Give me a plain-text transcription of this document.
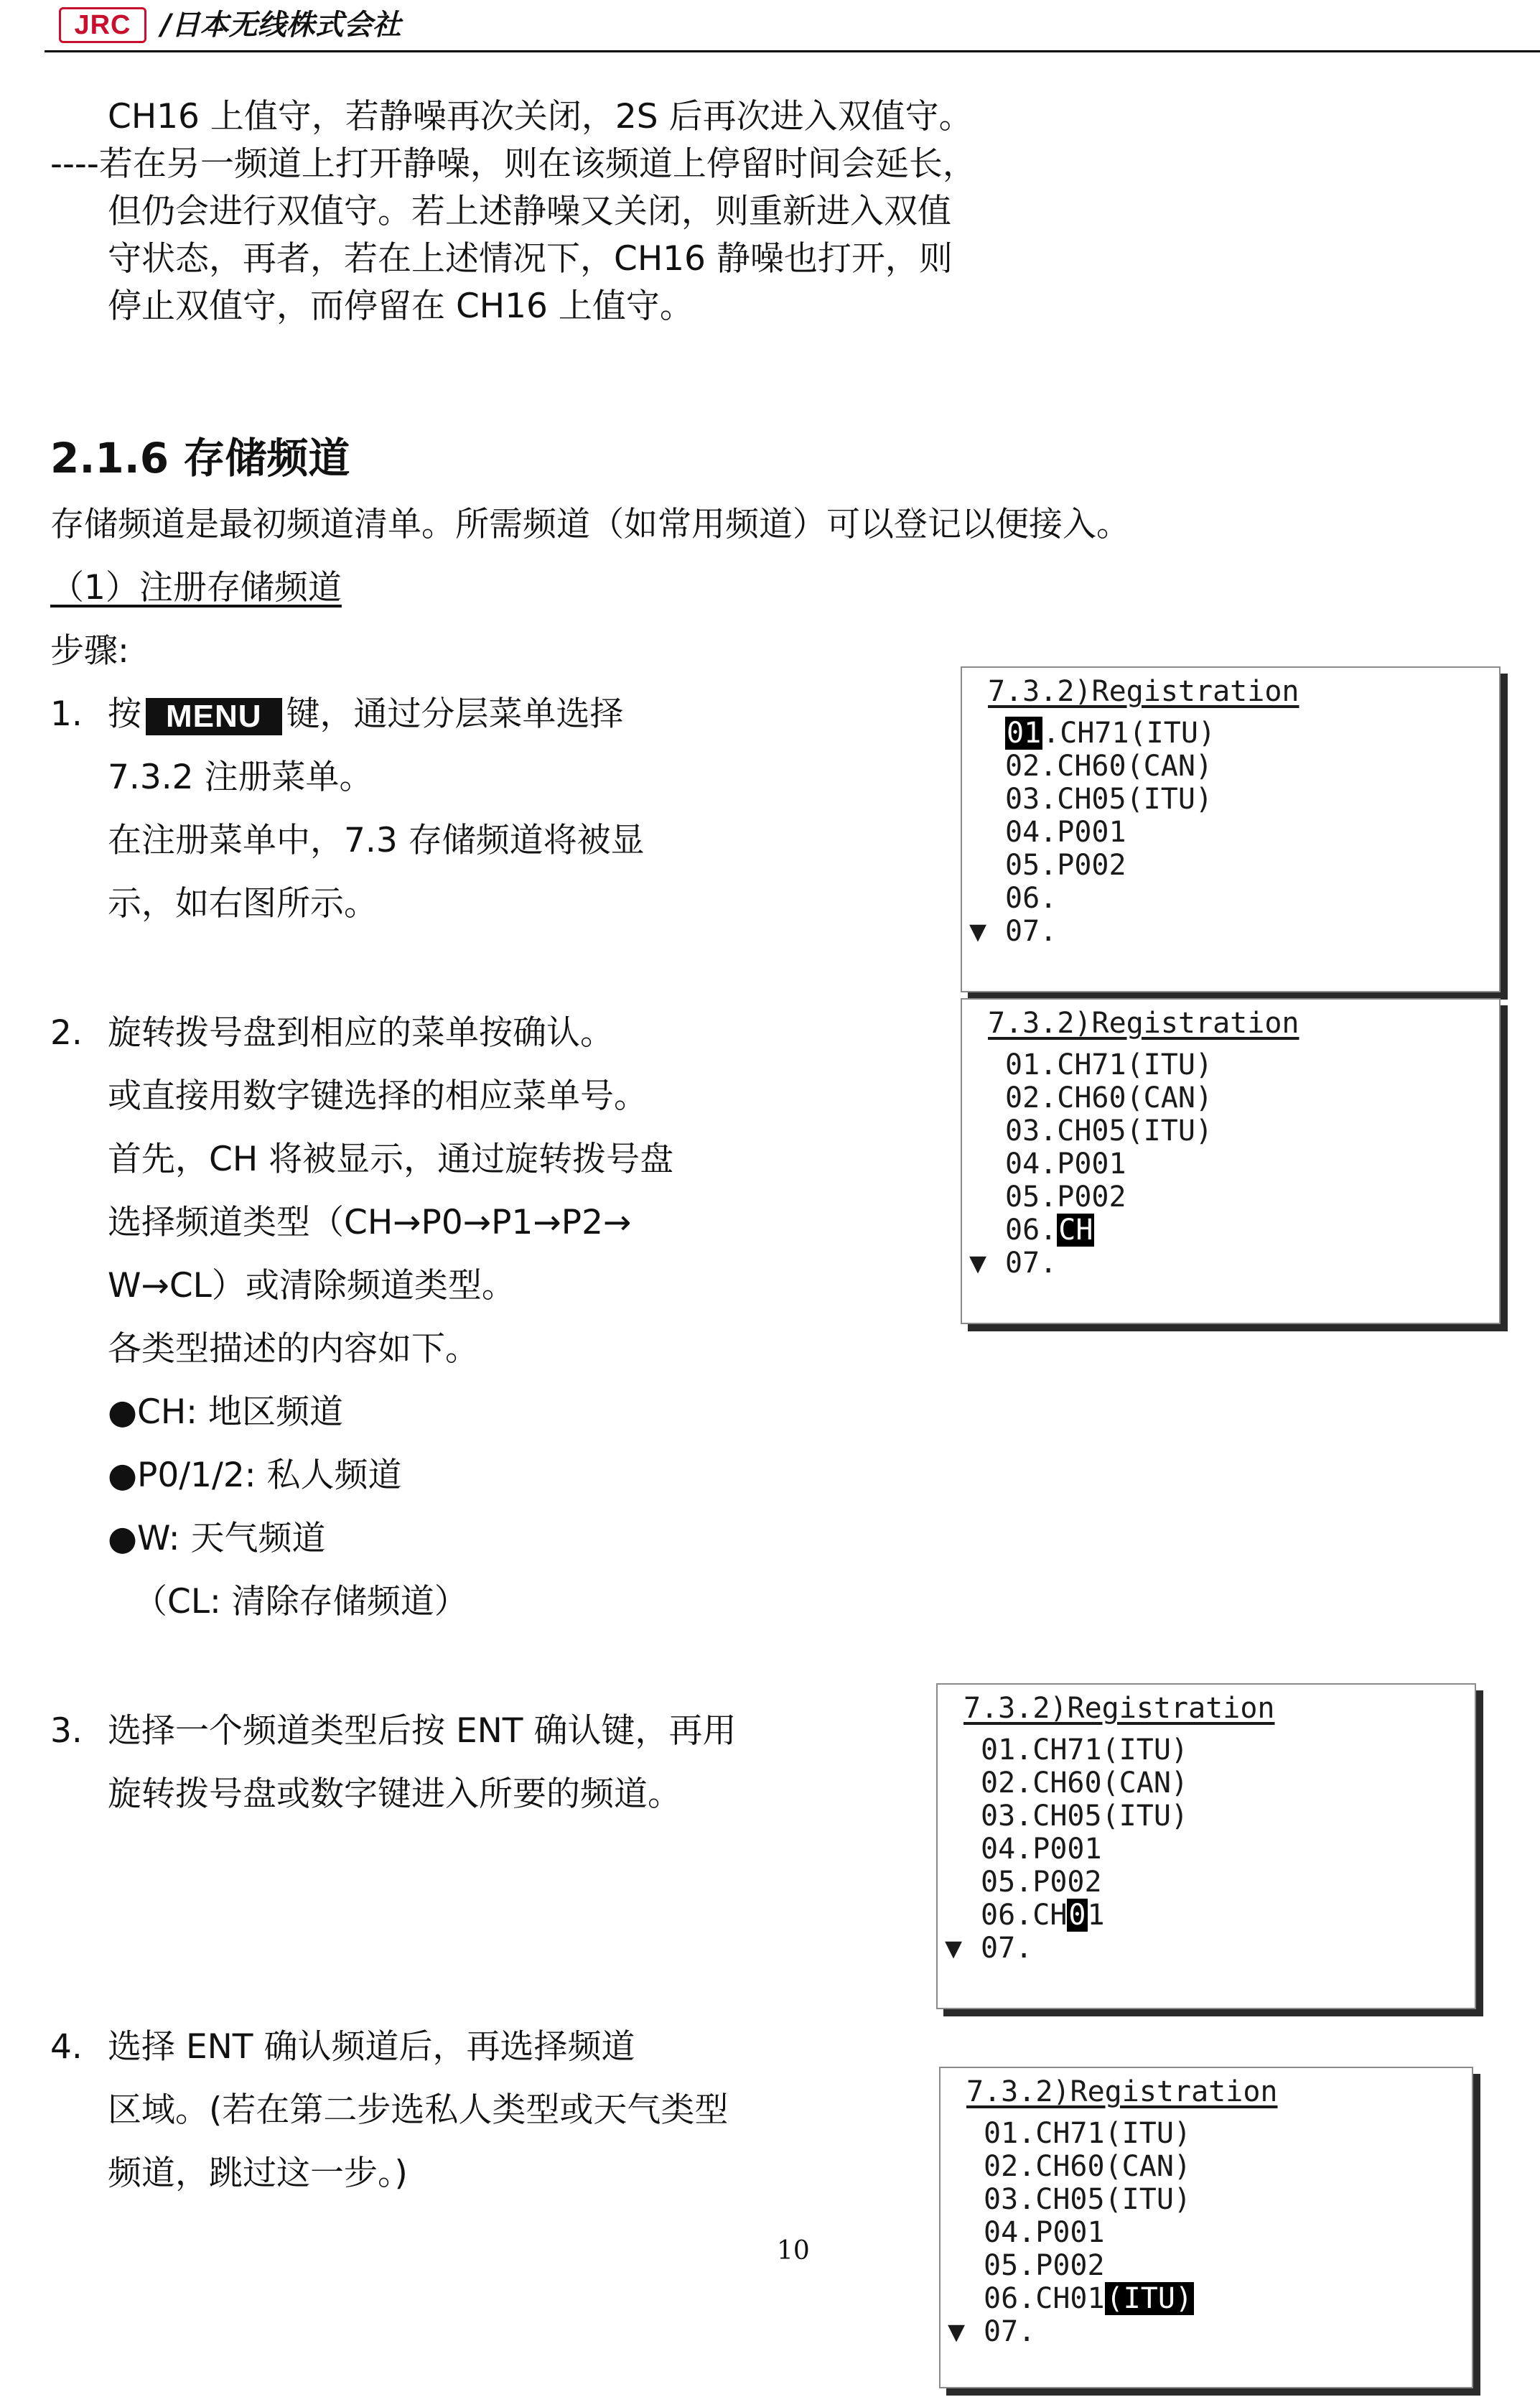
JRC	/日本无线株式会社
CH16 上值守，若静噪再次关闭，2S 后再次进入双值守。
----若在另一频道上打开静噪，则在该频道上停留时间会延长，
但仍会进行双值守。若上述静噪又关闭，则重新进入双值
守状态，再者，若在上述情况下，CH16 静噪也打开，则
停止双值守，而停留在 CH16 上值守。
2.1.6 存储频道
存储频道是最初频道清单。所需频道（如常用频道）可以登记以便接入。
（1）注册存储频道
步骤:
1. 按 MENU 键，通过分层菜单选择
7.3.2 注册菜单。
在注册菜单中，7.3 存储频道将被显
示，如右图所示。
2. 旋转拨号盘到相应的菜单按确认。
或直接用数字键选择的相应菜单号。
首先，CH 将被显示，通过旋转拨号盘
选择频道类型（CH→P0→P1→P2→
W→CL）或清除频道类型。
各类型描述的内容如下。
●CH: 地区频道
●P0/1/2: 私人频道
●W: 天气频道
（CL: 清除存储频道）
3. 选择一个频道类型后按 ENT 确认键，再用
旋转拨号盘或数字键进入所要的频道。
4. 选择 ENT 确认频道后，再选择频道
区域。(若在第二步选私人类型或天气类型
频道，跳过这一步。)
7.3.2)Registration
01.CH71(ITU)
02.CH60(CAN)
03.CH05(ITU)
04.P001
05.P002
06.
07.
▼
7.3.2)Registration
01.CH71(ITU)
02.CH60(CAN)
03.CH05(ITU)
04.P001
05.P002
06.CH
07.
▼
7.3.2)Registration
01.CH71(ITU)
02.CH60(CAN)
03.CH05(ITU)
04.P001
05.P002
06.CH01
07.
▼
7.3.2)Registration
01.CH71(ITU)
02.CH60(CAN)
03.CH05(ITU)
04.P001
05.P002
06.CH01(ITU)
07.
▼
10
